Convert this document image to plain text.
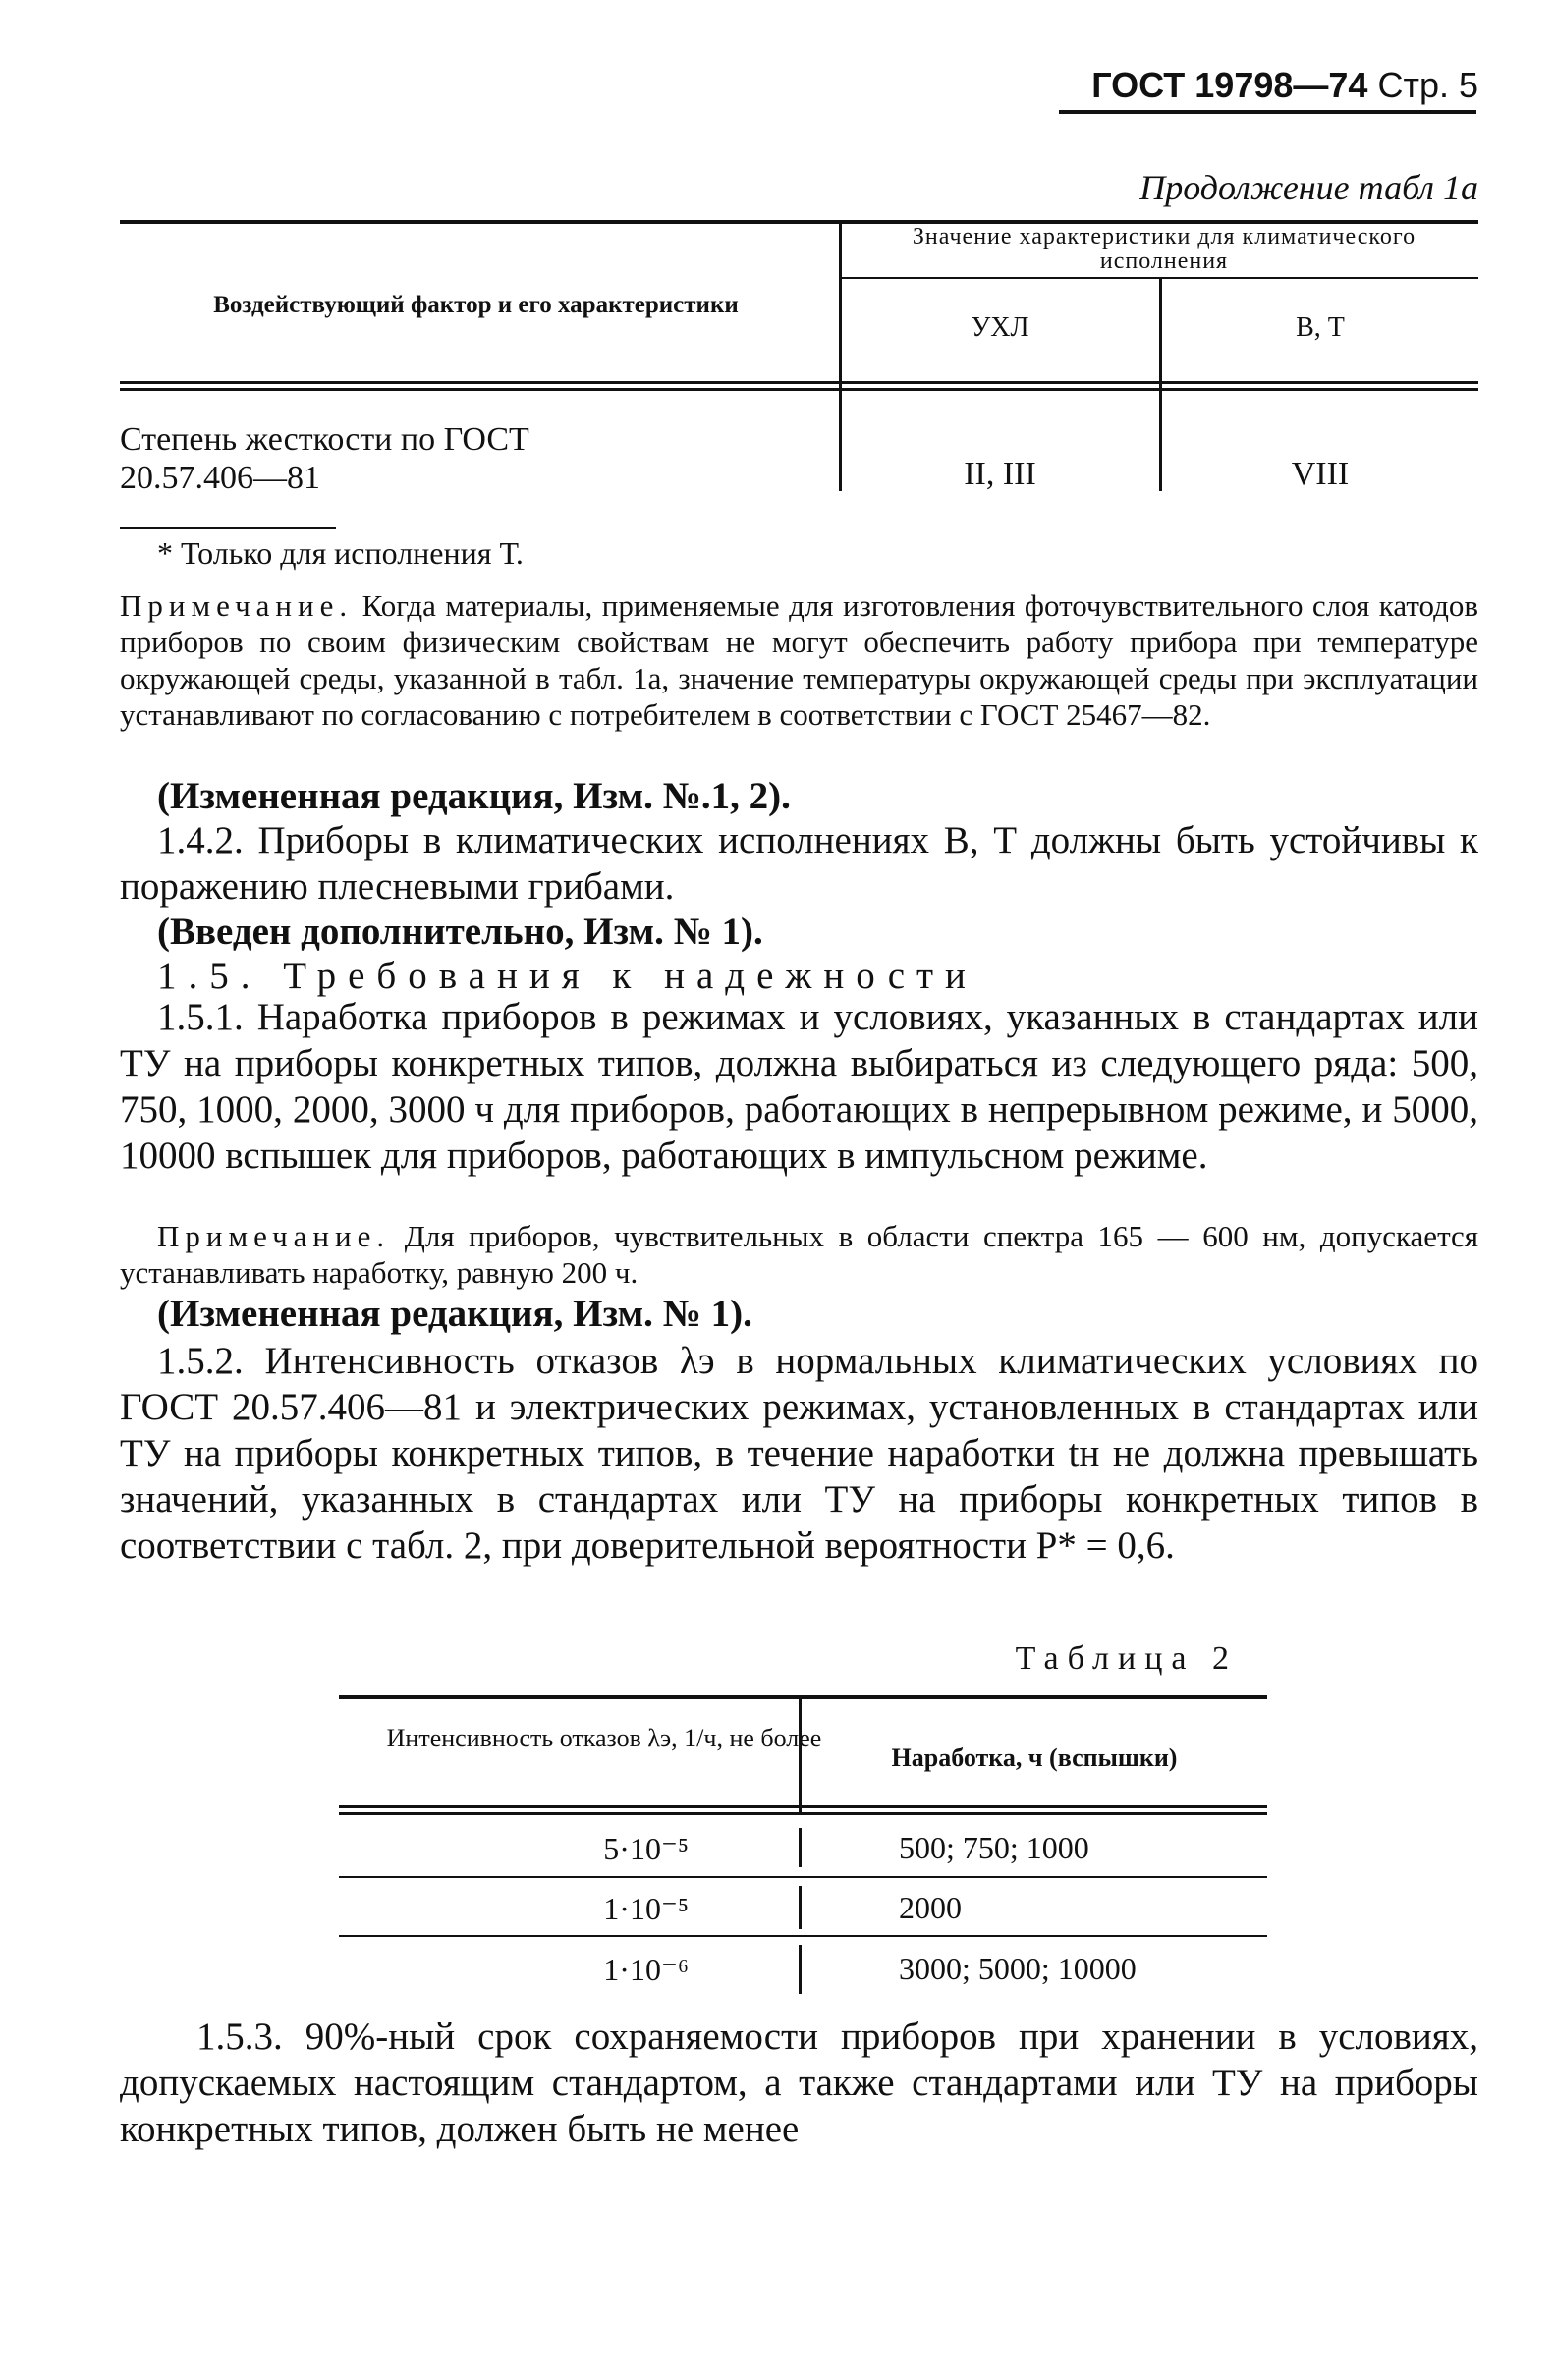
ГОСТ 19798—74 Стр. 5
Продолжение табл 1а
Значение характеристики для климатического исполнения
Воздействующий фактор и его характеристики
УХЛ	В, Т
Степень жесткости по ГОСТ 20.57.406—81	II, III	VIII
* Только для исполнения Т.
Примечание. Когда материалы, применяемые для изготовления фоточувствительного слоя катодов приборов по своим физическим свойствам не могут обеспечить работу прибора при температуре окружающей среды, указанной в табл. 1а, значение температуры окружающей среды при эксплуатации устанавливают по согласованию с потребителем в соответствии с ГОСТ 25467—82.
(Измененная редакция, Изм. №.1, 2).
1.4.2. Приборы в климатических исполнениях В, Т должны быть устойчивы к поражению плесневыми грибами.
(Введен дополнительно, Изм. № 1).
1.5. Требования к надежности
1.5.1. Наработка приборов в режимах и условиях, указанных в стандартах или ТУ на приборы конкретных типов, должна выбираться из следующего ряда: 500, 750, 1000, 2000, 3000 ч для приборов, работающих в непрерывном режиме, и 5000, 10000 вспышек для приборов, работающих в импульсном режиме.
Примечание. Для приборов, чувствительных в области спектра 165 — 600 нм, допускается устанавливать наработку, равную 200 ч.
(Измененная редакция, Изм. № 1).
1.5.2. Интенсивность отказов λэ в нормальных климатических условиях по ГОСТ 20.57.406—81 и электрических режимах, установленных в стандартах или ТУ на приборы конкретных типов, в течение наработки tн не должна превышать значений, указанных в стандартах или ТУ на приборы конкретных типов в соответствии с табл. 2, при доверительной вероятности P* = 0,6.
Таблица 2
Интенсивность отказов λэ, 1/ч, не более
Наработка, ч (вспышки)
5·10⁻⁵	500; 750; 1000
1·10⁻⁵	2000
1·10⁻⁶	3000; 5000; 10000
1.5.3. 90%-ный срок сохраняемости приборов при хранении в условиях, допускаемых настоящим стандартом, а также стандартами или ТУ на приборы конкретных типов, должен быть не менее
